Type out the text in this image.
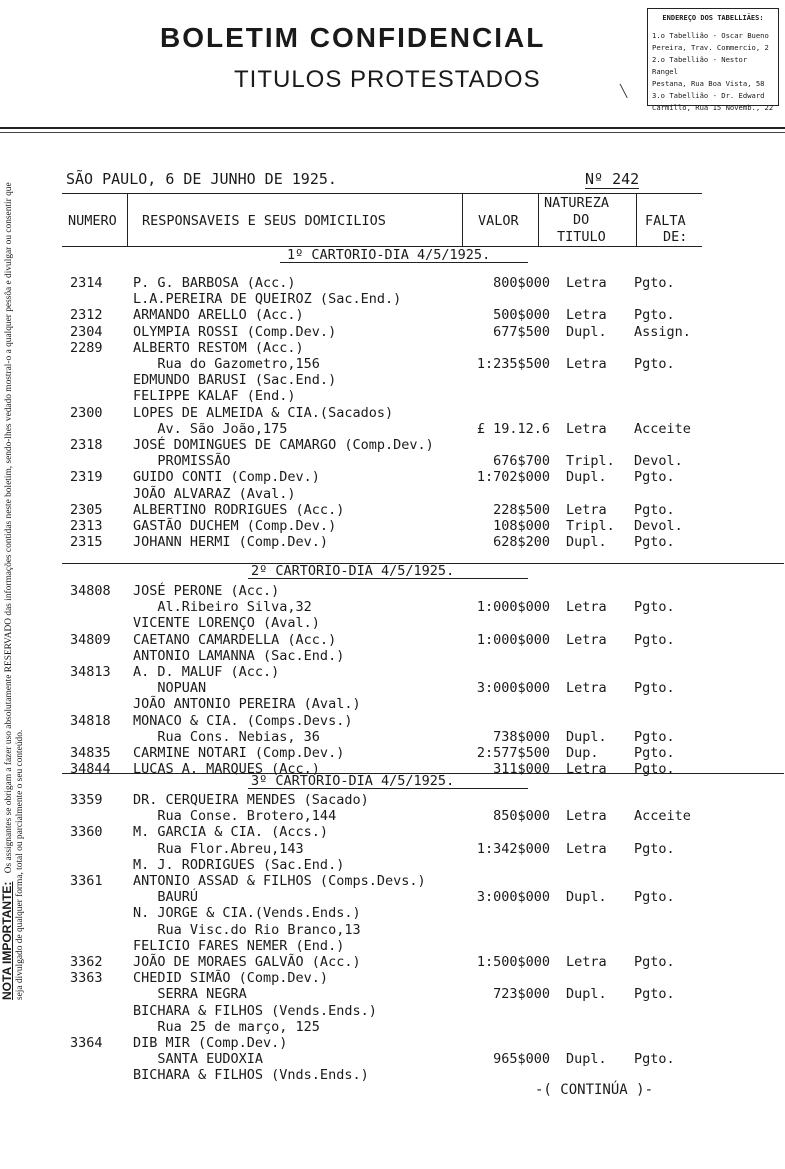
BOLETIM CONFIDENCIAL
TITULOS PROTESTADOS	╲
ENDEREÇO DOS TABELLIÃES:
1.o Tabellião - Oscar Bueno
Pereira, Trav. Commercio, 2
2.o Tabellião - Nestor Rangel
Pestana, Rua Boa Vista, 58
3.o Tabellião - Dr. Edward
Carmillo, Rua 15 Novemb., 22
NOTA IMPORTANTE: Os assignantes se obrigam a fazer uso absolutamente RESERVADO das informações contidas neste boletim, sendo-lhes vedado mostral-o a qualquer pessôa e divulgar ou consentir que seja divulgado de qualquer forma, total ou parcialmente o seu conteúdo.
SÃO PAULO, 6 DE JUNHO DE 1925.	Nº 242
NUMERO RESPONSAVEIS E SEUS DOMICILIOS	VALOR
NATUREZA
DO
TITULO
FALTA
DE:
1º CARTORIO-DIA 4/5/1925.
2º CARTORIO-DIA 4/5/1925.
3º CARTORIO-DIA 4/5/1925.
2314 P. G. BARBOSA (Acc.)	800$000 Letra Pgto.
L.A.PEREIRA DE QUEIROZ (Sac.End.)
2312 ARMANDO ARELLO (Acc.)	500$000 Letra Pgto.
2304 OLYMPIA ROSSI (Comp.Dev.)	677$500 Dupl. Assign.
2289 ALBERTO RESTOM (Acc.)
Rua do Gazometro,156	1:235$500 Letra Pgto.
EDMUNDO BARUSI (Sac.End.)
FELIPPE KALAF (End.)
2300 LOPES DE ALMEIDA & CIA.(Sacados)
Av. São João,175	£ 19.12.6 Letra Acceite
2318 JOSÉ DOMINGUES DE CAMARGO (Comp.Dev.)
PROMISSÃO	676$700 Tripl. Devol.
2319 GUIDO CONTI (Comp.Dev.)	1:702$000 Dupl. Pgto.
JOÃO ALVARAZ (Aval.)
2305 ALBERTINO RODRIGUES (Acc.)	228$500 Letra Pgto.
2313 GASTÃO DUCHEM (Comp.Dev.)	108$000 Tripl. Devol.
2315 JOHANN HERMI (Comp.Dev.)	628$200 Dupl. Pgto.
34808 JOSÉ PERONE (Acc.)
Al.Ribeiro Silva,32	1:000$000 Letra Pgto.
VICENTE LORENÇO (Aval.)
34809 CAETANO CAMARDELLA (Acc.)	1:000$000 Letra Pgto.
ANTONIO LAMANNA (Sac.End.)
34813 A. D. MALUF (Acc.)
NOPUAN	3:000$000 Letra Pgto.
JOÃO ANTONIO PEREIRA (Aval.)
34818 MONACO & CIA. (Comps.Devs.)
Rua Cons. Nebias, 36	738$000 Dupl. Pgto.
34835 CARMINE NOTARI (Comp.Dev.)	2:577$500 Dup.	Pgto.
34844 LUCAS A. MARQUES (Acc.)	311$000 Letra Pgto.
3359 DR. CERQUEIRA MENDES (Sacado)
Rua Conse. Brotero,144	850$000 Letra Acceite
3360 M. GARCIA & CIA. (Accs.)
Rua Flor.Abreu,143	1:342$000 Letra Pgto.
M. J. RODRIGUES (Sac.End.)
3361 ANTONIO ASSAD & FILHOS (Comps.Devs.)
BAURÚ	3:000$000 Dupl. Pgto.
N. JORGE & CIA.(Vends.Ends.)
Rua Visc.do Rio Branco,13
FELICIO FARES NEMER (End.)
3362 JOÃO DE MORAES GALVÃO (Acc.)	1:500$000 Letra Pgto.
3363 CHEDID SIMÃO (Comp.Dev.)
SERRA NEGRA	723$000 Dupl. Pgto.
BICHARA & FILHOS (Vends.Ends.)
Rua 25 de março, 125
3364 DIB MIR (Comp.Dev.)
SANTA EUDOXIA	965$000 Dupl. Pgto.
BICHARA & FILHOS (Vnds.Ends.)
-( CONTINÚA )-
